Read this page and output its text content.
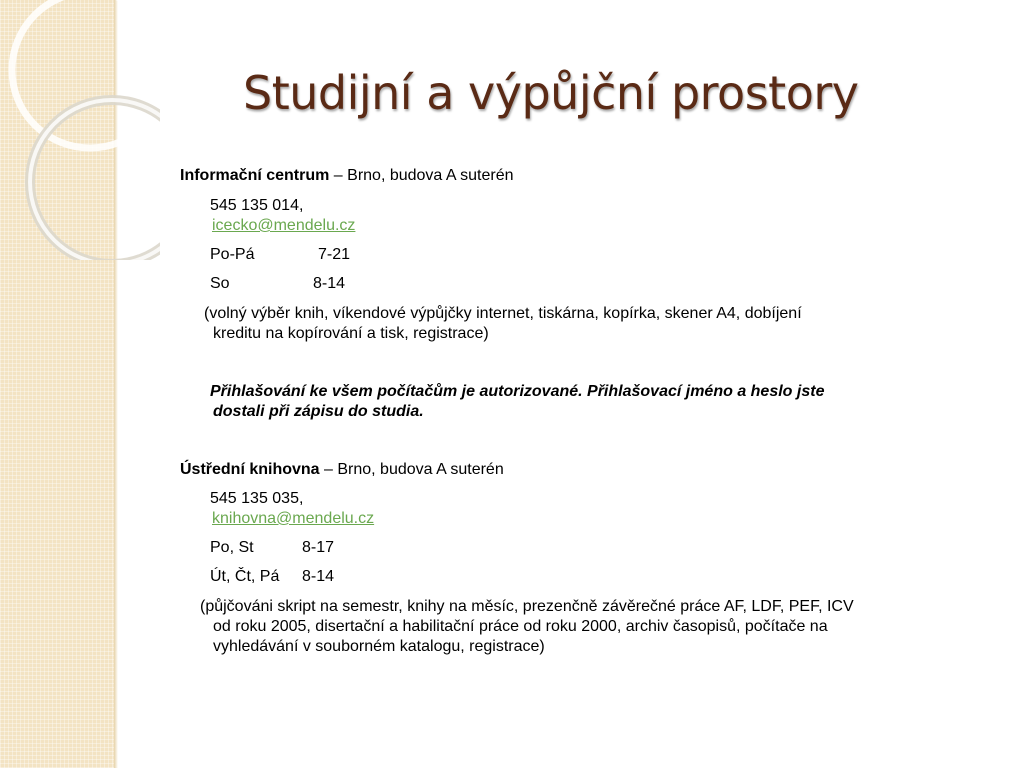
Studijní a výpůjční prostory
Informační centrum – Brno, budova A suterén
545 135 014,
icecko@mendelu.cz
Po-Pá	7-21
So	8-14
(volný výběr knih, víkendové výpůjčky internet, tiskárna, kopírka, skener A4, dobíjení
kreditu na kopírování a tisk, registrace)
Přihlašování ke všem počítačům je autorizované. Přihlašovací jméno a heslo jste
dostali při zápisu do studia.
Ústřední knihovna – Brno, budova A suterén
545 135 035,
knihovna@mendelu.cz
Po, St	8-17
Út, Čt, Pá 8-14
(půjčováni skript na semestr, knihy na měsíc, prezenčně závěrečné práce AF, LDF, PEF, ICV
od roku 2005, disertační a habilitační práce od roku 2000, archiv časopisů, počítače na
vyhledávání v souborném katalogu, registrace)
